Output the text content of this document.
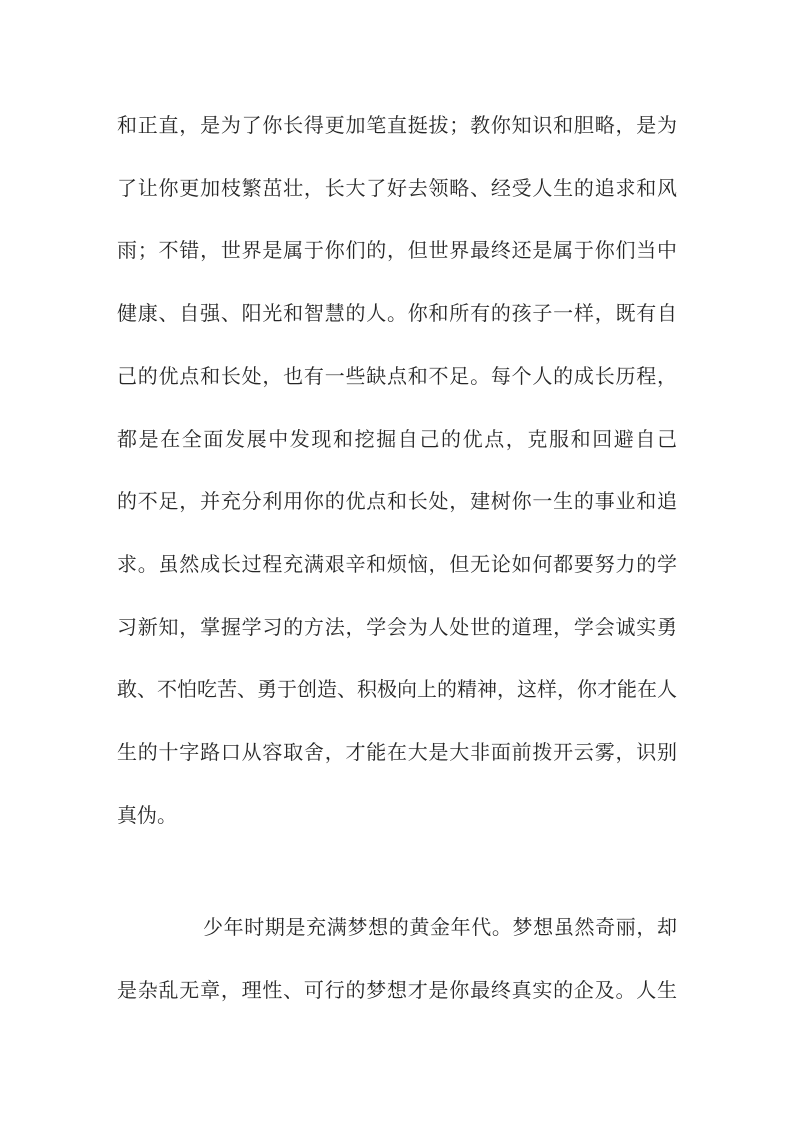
和正直，是为了你长得更加笔直挺拔；教你知识和胆略，是为
了让你更加枝繁茁壮，长大了好去领略、经受人生的追求和风
雨；不错，世界是属于你们的，但世界最终还是属于你们当中
健康、自强、阳光和智慧的人。你和所有的孩子一样，既有自
己的优点和长处，也有一些缺点和不足。每个人的成长历程，
都是在全面发展中发现和挖掘自己的优点，克服和回避自己
的不足，并充分利用你的优点和长处，建树你一生的事业和追
求。虽然成长过程充满艰辛和烦恼，但无论如何都要努力的学
习新知，掌握学习的方法，学会为人处世的道理，学会诚实勇
敢、不怕吃苦、勇于创造、积极向上的精神，这样，你才能在人
生的十字路口从容取舍，才能在大是大非面前拨开云雾，识别
真伪。
少年时期是充满梦想的黄金年代。梦想虽然奇丽，却
是杂乱无章，理性、可行的梦想才是你最终真实的企及。人生
